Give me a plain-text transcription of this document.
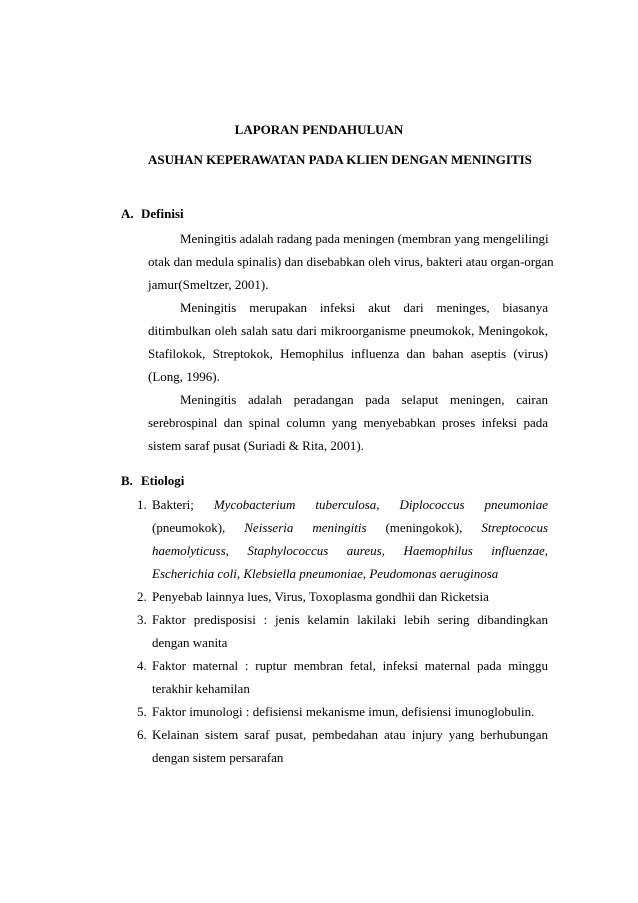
LAPORAN PENDAHULUAN
ASUHAN KEPERAWATAN PADA KLIEN DENGAN MENINGITIS
A. Definisi
Meningitis adalah radang pada meningen (membran yang mengelilingi
otak dan medula spinalis) dan disebabkan oleh virus, bakteri atau organ-organ
jamur(Smeltzer, 2001).
Meningitis merupakan infeksi akut dari meninges, biasanya
ditimbulkan oleh salah satu dari mikroorganisme pneumokok, Meningokok,
Stafilokok, Streptokok, Hemophilus influenza dan bahan aseptis (virus)
(Long, 1996).
Meningitis adalah peradangan pada selaput meningen, cairan
serebrospinal dan spinal column yang menyebabkan proses infeksi pada
sistem saraf pusat (Suriadi & Rita, 2001).
B. Etiologi
1. Bakteri; Mycobacterium tuberculosa, Diplococcus pneumoniae
(pneumokok), Neisseria meningitis (meningokok), Streptococus
haemolyticuss, Staphylococcus aureus, Haemophilus influenzae,
Escherichia coli, Klebsiella pneumoniae, Peudomonas aeruginosa
2. Penyebab lainnya lues, Virus, Toxoplasma gondhii dan Ricketsia
3. Faktor predisposisi : jenis kelamin lakilaki lebih sering dibandingkan
dengan wanita
4. Faktor maternal : ruptur membran fetal, infeksi maternal pada minggu
terakhir kehamilan
5. Faktor imunologi : defisiensi mekanisme imun, defisiensi imunoglobulin.
6. Kelainan sistem saraf pusat, pembedahan atau injury yang berhubungan
dengan sistem persarafan
